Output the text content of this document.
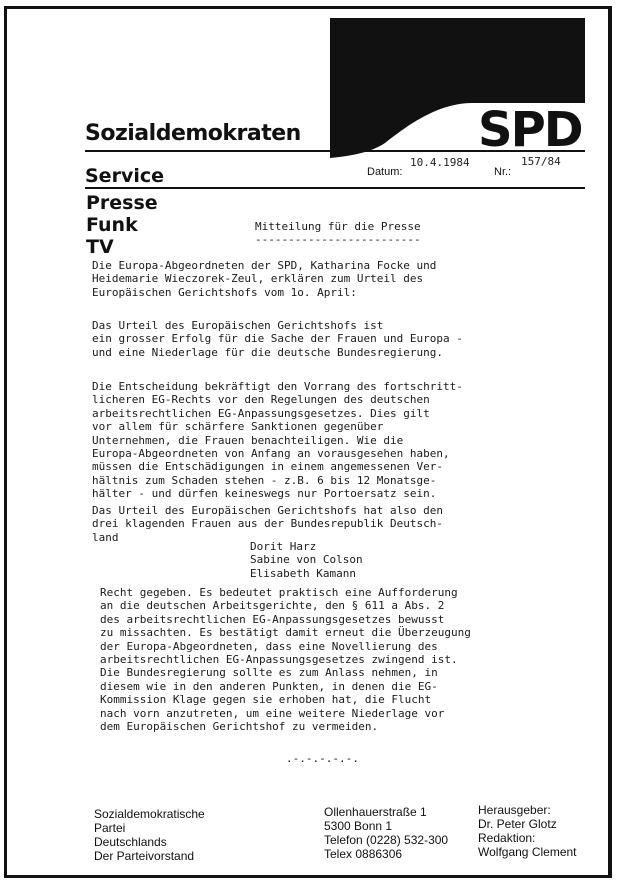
SPD
Sozialdemokraten
Service	Datum:
10.4.1984
Nr.:
157/84
Presse
Funk
TV
Mitteilung für die Presse
-------------------------
Die Europa-Abgeordneten der SPD, Katharina Focke und
Heidemarie Wieczorek-Zeul, erklären zum Urteil des
Europäischen Gerichtshofs vom 1o. April:
Das Urteil des Europäischen Gerichtshofs ist
ein grosser Erfolg für die Sache der Frauen und Europa -
und eine Niederlage für die deutsche Bundesregierung.
Die Entscheidung bekräftigt den Vorrang des fortschritt-
licheren EG-Rechts vor den Regelungen des deutschen
arbeitsrechtlichen EG-Anpassungsgesetzes. Dies gilt
vor allem für schärfere Sanktionen gegenüber
Unternehmen, die Frauen benachteiligen. Wie die
Europa-Abgeordneten von Anfang an vorausgesehen haben,
müssen die Entschädigungen in einem angemessenen Ver-
hältnis zum Schaden stehen - z.B. 6 bis 12 Monatsge-
hälter - und dürfen keineswegs nur Portoersatz sein.
Das Urteil des Europäischen Gerichtshofs hat also den
drei klagenden Frauen aus der Bundesrepublik Deutsch-
land
Dorit Harz
Sabine von Colson
Elisabeth Kamann
Recht gegeben. Es bedeutet praktisch eine Aufforderung
an die deutschen Arbeitsgerichte, den § 611 a Abs. 2
des arbeitsrechtlichen EG-Anpassungsgesetzes bewusst
zu missachten. Es bestätigt damit erneut die Überzeugung
der Europa-Abgeordneten, dass eine Novellierung des
arbeitsrechtlichen EG-Anpassungsgesetzes zwingend ist.
Die Bundesregierung sollte es zum Anlass nehmen, in
diesem wie in den anderen Punkten, in denen die EG-
Kommission Klage gegen sie erhoben hat, die Flucht
nach vorn anzutreten, um eine weitere Niederlage vor
dem Europäischen Gerichtshof zu vermeiden.
.-.-.-.-.-.
Sozialdemokratische
Partei
Deutschlands
Der Parteivorstand
Ollenhauerstraße 1
5300 Bonn 1
Telefon (0228) 532-300
Telex 0886306
Herausgeber:
Dr. Peter Glotz
Redaktion:
Wolfgang Clement
